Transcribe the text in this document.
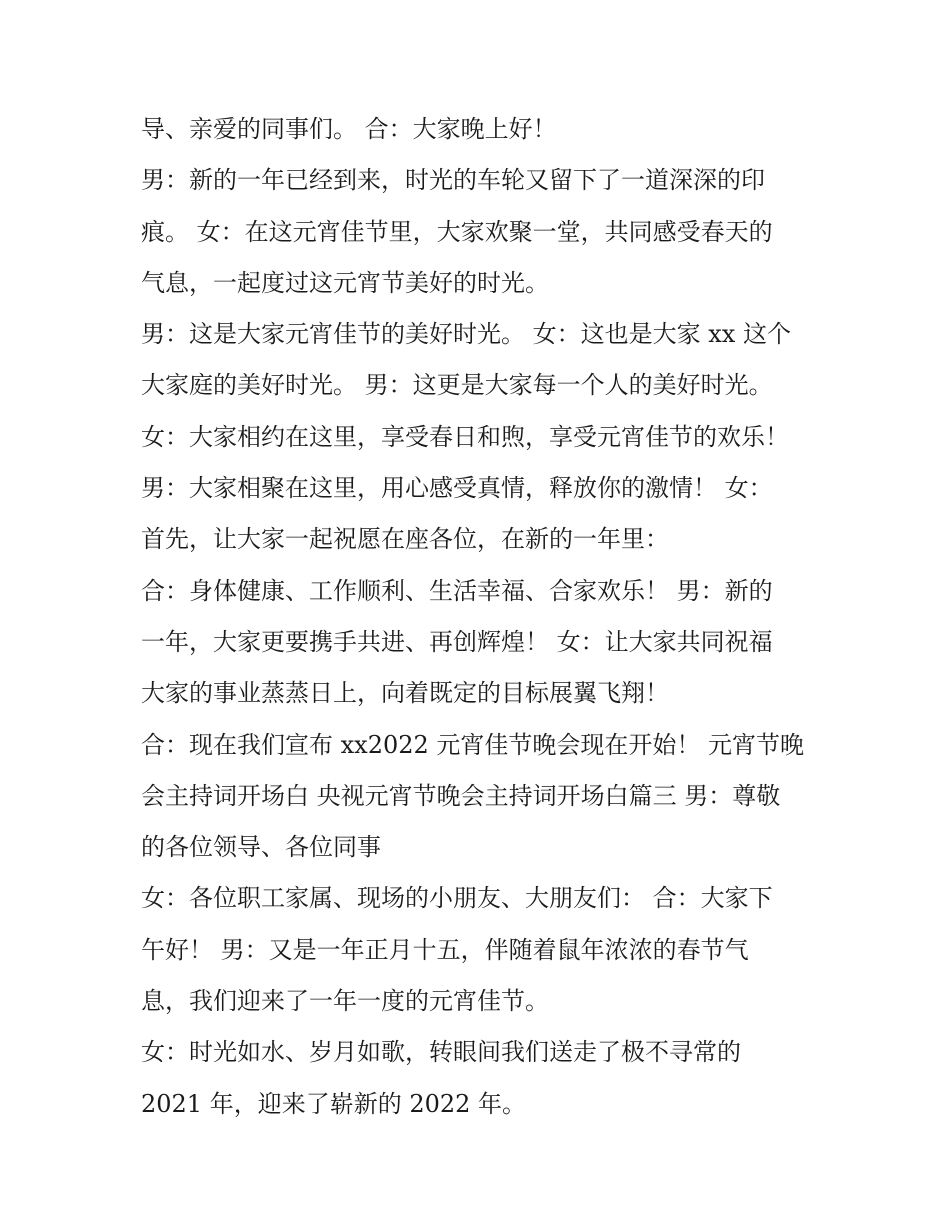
导、亲爱的同事们。 合：大家晚上好！
男：新的一年已经到来，时光的车轮又留下了一道深深的印
痕。 女：在这元宵佳节里，大家欢聚一堂，共同感受春天的
气息，一起度过这元宵节美好的时光。
男：这是大家元宵佳节的美好时光。 女：这也是大家 xx 这个
大家庭的美好时光。 男：这更是大家每一个人的美好时光。
女：大家相约在这里，享受春日和煦，享受元宵佳节的欢乐！
男：大家相聚在这里，用心感受真情，释放你的激情！ 女：
首先，让大家一起祝愿在座各位，在新的一年里：
合：身体健康、工作顺利、生活幸福、合家欢乐！ 男：新的
一年，大家更要携手共进、再创辉煌！ 女：让大家共同祝福
大家的事业蒸蒸日上，向着既定的目标展翼飞翔！
合：现在我们宣布 xx2022 元宵佳节晚会现在开始！ 元宵节晚
会主持词开场白 央视元宵节晚会主持词开场白篇三 男：尊敬
的各位领导、各位同事
女：各位职工家属、现场的小朋友、大朋友们： 合：大家下
午好！ 男：又是一年正月十五，伴随着鼠年浓浓的春节气
息，我们迎来了一年一度的元宵佳节。
女：时光如水、岁月如歌，转眼间我们送走了极不寻常的
2021 年，迎来了崭新的 2022 年。
